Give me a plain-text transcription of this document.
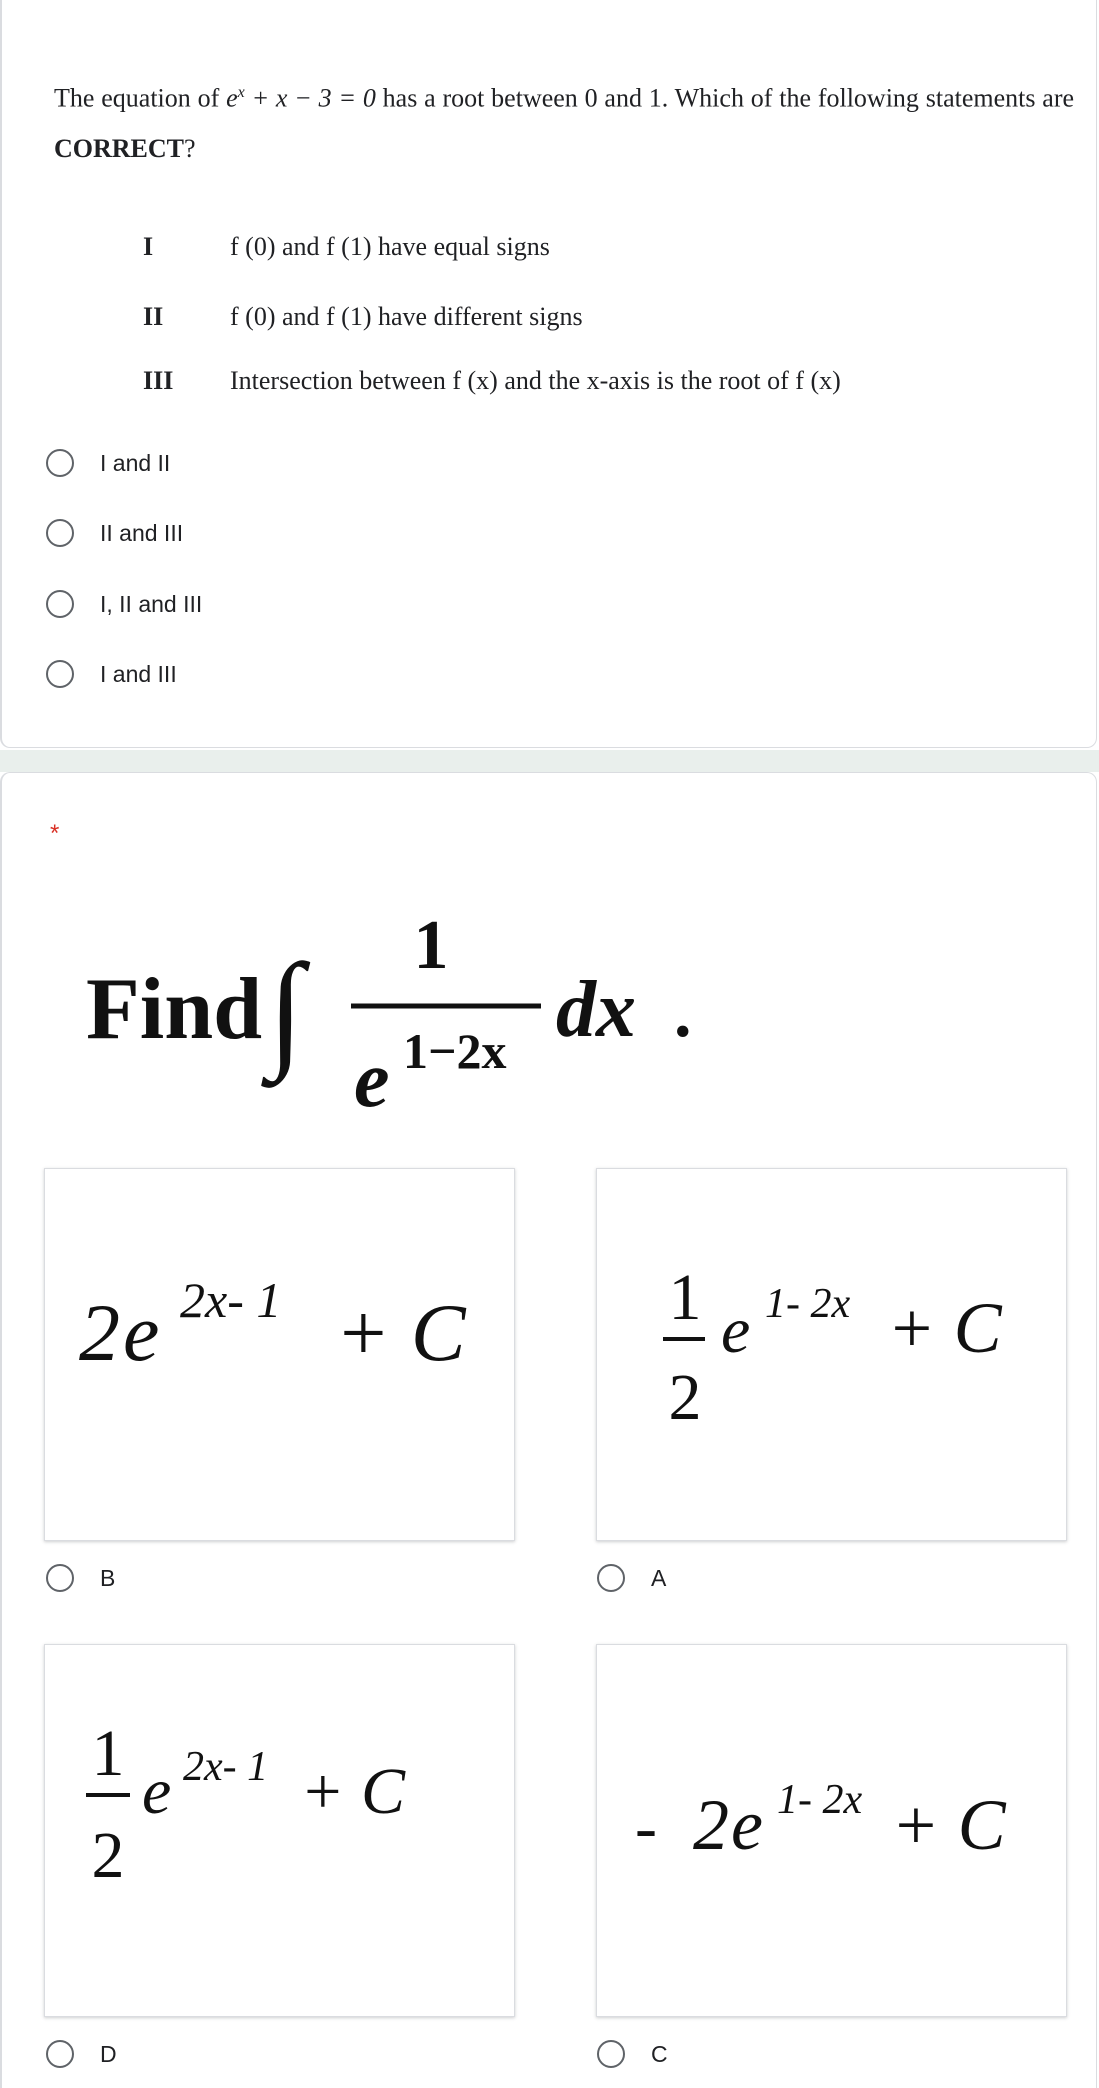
The equation of $e^x + x - 3 = 0$ has a root between 0 and 1. Which of the following statements are CORRECT?
I	f (0) and f (1) have equal signs
II	f (0) and f (1) have different signs
III Intersection between f (x) and the x-axis is the root of f (x)
I and II
II and III
I, II and III
I and III
*
Find ∫ 1
e 1−2x dx .
2 e 2x- 1 + C
B
1
2
e 1- 2x + C
A
1
2
e 2x- 1 + C
D
- 2 e 1- 2x + C
C
